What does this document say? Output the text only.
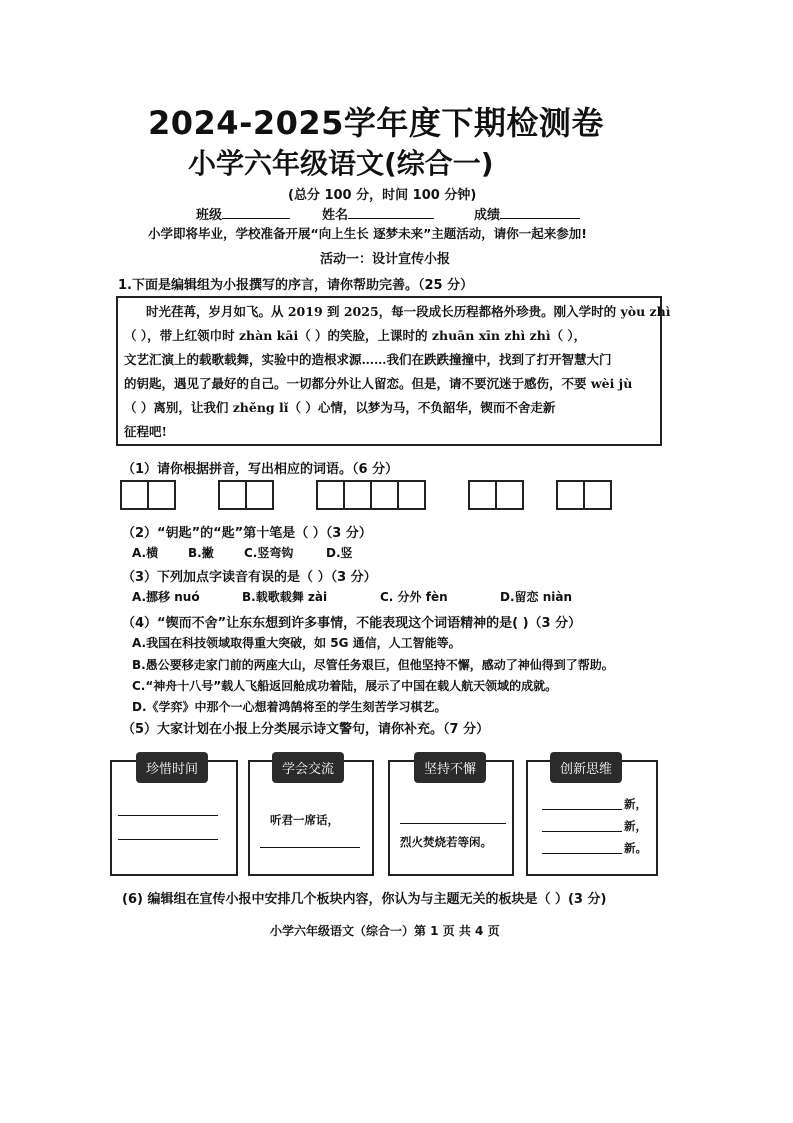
2024-2025学年度下期检测卷
小学六年级语文(综合一)
(总分 100 分，时间 100 分钟)
班级	姓名	成绩
小学即将毕业，学校准备开展“向上生长 逐梦未来”主题活动，请你一起来参加!
活动一：设计宣传小报
1.下面是编辑组为小报撰写的序言，请你帮助完善。（25 分）
时光荏苒，岁月如飞。从 2019 到 2025，每一段成长历程都格外珍贵。刚入学时的 yòu zhì
（ ），带上红领巾时 zhàn kāi（ ）的笑脸，上课时的 zhuān xīn zhì zhì（ ），
文艺汇演上的载歌载舞，实验中的造根求源……我们在跌跌撞撞中，找到了打开智慧大门
的钥匙，遇见了最好的自己。一切都分外让人留恋。但是，请不要沉迷于感伤，不要 wèi jù
（ ）离别，让我们 zhěng lǐ（ ）心情，以梦为马，不负韶华，锲而不舍走新
征程吧!
（1）请你根据拼音，写出相应的词语。（6 分）
（2）“钥匙”的“匙”第十笔是（ ）（3 分）
A.横 B.撇	C.竖弯钩	D.竖
（3）下列加点字读音有误的是（ ）（3 分）
A.挪移 nuó	B.载歌载舞 zài	C. 分外 fèn	D.留恋 niàn
（4）“锲而不舍”让东东想到许多事情，不能表现这个词语精神的是( )（3 分）
A.我国在科技领域取得重大突破，如 5G 通信，人工智能等。
B.愚公要移走家门前的两座大山，尽管任务艰巨，但他坚持不懈，感动了神仙得到了帮助。
C.“神舟十八号”载人飞船返回舱成功着陆，展示了中国在载人航天领域的成就。
D.《学弈》中那个一心想着鸿鹄将至的学生刻苦学习棋艺。
（5）大家计划在小报上分类展示诗文警句，请你补充。（7 分）
珍惜时间	学会交流
听君一席话，
坚持不懈
烈火焚烧若等闲。
创新思维
新，
新，
新。
(6) 编辑组在宣传小报中安排几个板块内容，你认为与主题无关的板块是（ ）(3 分)
小学六年级语文（综合一）第 1 页 共 4 页
